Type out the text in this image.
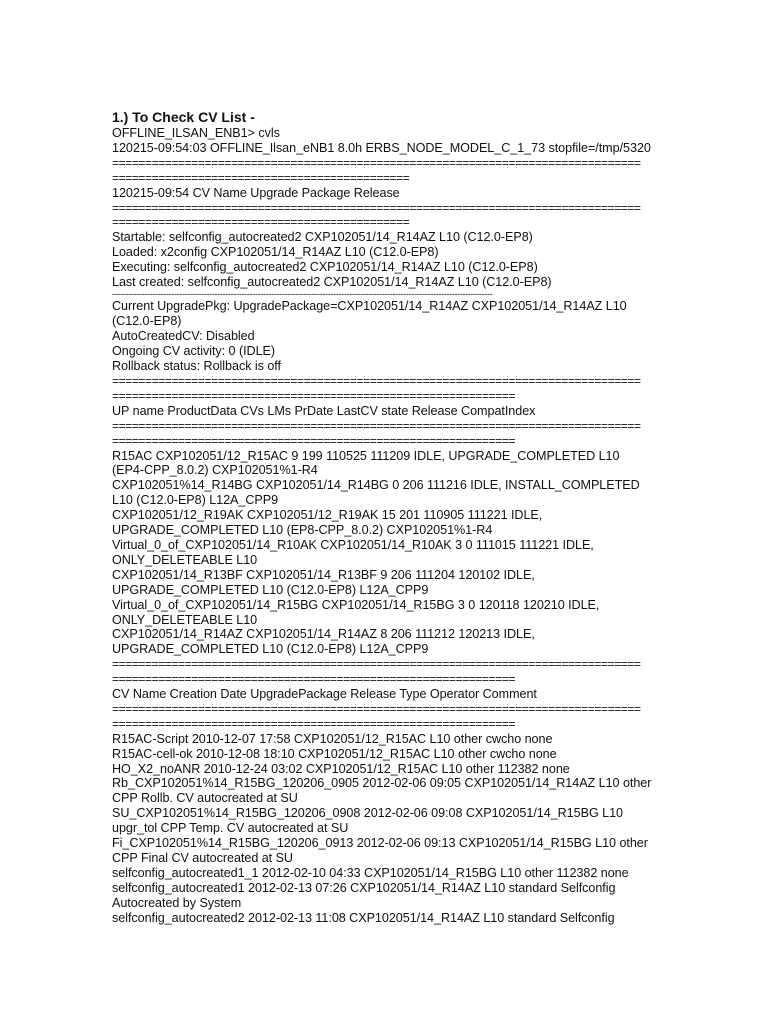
1.) To Check CV List -
OFFLINE_ILSAN_ENB1> cvls
120215-09:54:03 OFFLINE_Ilsan_eNB1 8.0h ERBS_NODE_MODEL_C_1_73 stopfile=/tmp/5320
================================================================================
=============================================
120215-09:54 CV Name Upgrade Package Release
================================================================================
=============================================
Startable: selfconfig_autocreated2 CXP102051/14_R14AZ L10 (C12.0-EP8)
Loaded: x2config CXP102051/14_R14AZ L10 (C12.0-EP8)
Executing: selfconfig_autocreated2 CXP102051/14_R14AZ L10 (C12.0-EP8)
Last created: selfconfig_autocreated2 CXP102051/14_R14AZ L10 (C12.0-EP8)
---------------------------------------------------------------------------------------------------------------------------------------------
Current UpgradePkg: UpgradePackage=CXP102051/14_R14AZ CXP102051/14_R14AZ L10
(C12.0-EP8)
AutoCreatedCV: Disabled
Ongoing CV activity: 0 (IDLE)
Rollback status: Rollback is off
================================================================================
=============================================================
UP name ProductData CVs LMs PrDate LastCV state Release CompatIndex
================================================================================
=============================================================
R15AC CXP102051/12_R15AC 9 199 110525 111209 IDLE, UPGRADE_COMPLETED L10
(EP4-CPP_8.0.2) CXP102051%1-R4
CXP102051%14_R14BG CXP102051/14_R14BG 0 206 111216 IDLE, INSTALL_COMPLETED
L10 (C12.0-EP8) L12A_CPP9
CXP102051/12_R19AK CXP102051/12_R19AK 15 201 110905 111221 IDLE,
UPGRADE_COMPLETED L10 (EP8-CPP_8.0.2) CXP102051%1-R4
Virtual_0_of_CXP102051/14_R10AK CXP102051/14_R10AK 3 0 111015 111221 IDLE,
ONLY_DELETEABLE L10
CXP102051/14_R13BF CXP102051/14_R13BF 9 206 111204 120102 IDLE,
UPGRADE_COMPLETED L10 (C12.0-EP8) L12A_CPP9
Virtual_0_of_CXP102051/14_R15BG CXP102051/14_R15BG 3 0 120118 120210 IDLE,
ONLY_DELETEABLE L10
CXP102051/14_R14AZ CXP102051/14_R14AZ 8 206 111212 120213 IDLE,
UPGRADE_COMPLETED L10 (C12.0-EP8) L12A_CPP9
================================================================================
=============================================================
CV Name Creation Date UpgradePackage Release Type Operator Comment
================================================================================
=============================================================
R15AC-Script 2010-12-07 17:58 CXP102051/12_R15AC L10 other cwcho none
R15AC-cell-ok 2010-12-08 18:10 CXP102051/12_R15AC L10 other cwcho none
HO_X2_noANR 2010-12-24 03:02 CXP102051/12_R15AC L10 other 112382 none
Rb_CXP102051%14_R15BG_120206_0905 2012-02-06 09:05 CXP102051/14_R14AZ L10 other
CPP Rollb. CV autocreated at SU
SU_CXP102051%14_R15BG_120206_0908 2012-02-06 09:08 CXP102051/14_R15BG L10
upgr_tol CPP Temp. CV autocreated at SU
Fi_CXP102051%14_R15BG_120206_0913 2012-02-06 09:13 CXP102051/14_R15BG L10 other
CPP Final CV autocreated at SU
selfconfig_autocreated1_1 2012-02-10 04:33 CXP102051/14_R15BG L10 other 112382 none
selfconfig_autocreated1 2012-02-13 07:26 CXP102051/14_R14AZ L10 standard Selfconfig
Autocreated by System
selfconfig_autocreated2 2012-02-13 11:08 CXP102051/14_R14AZ L10 standard Selfconfig
